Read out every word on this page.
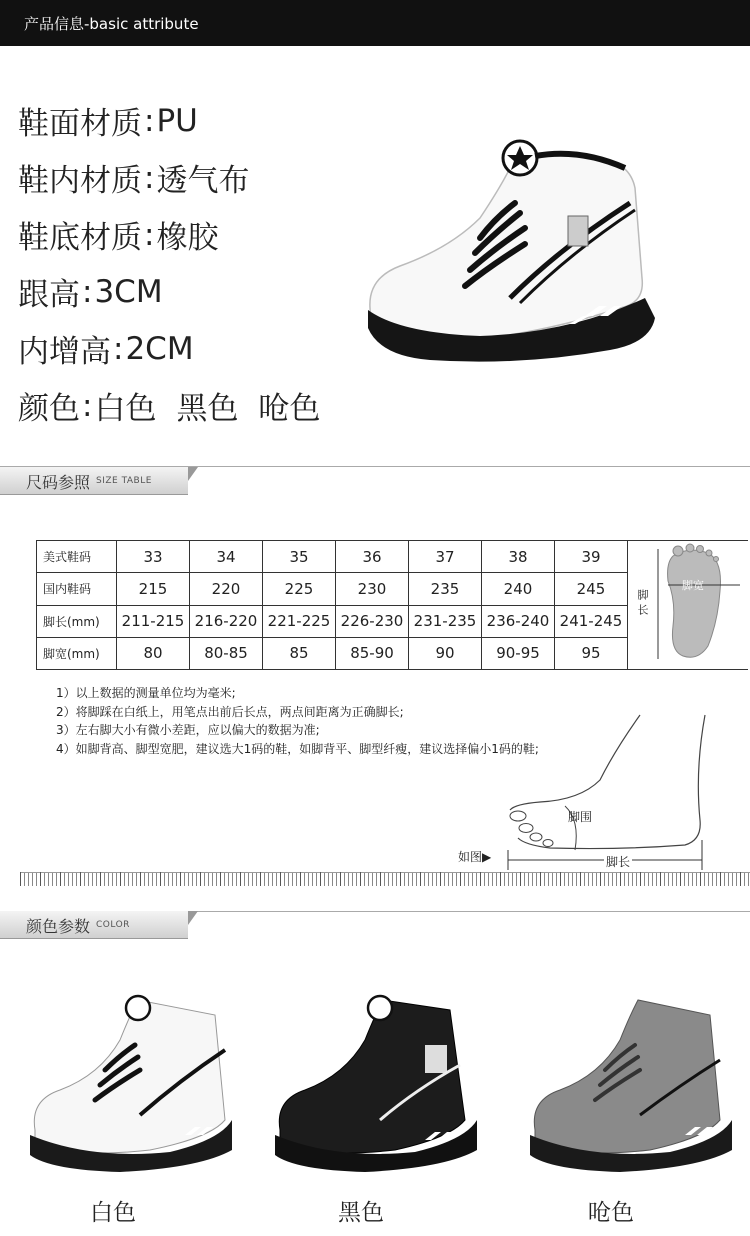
产品信息-basic attribute
鞋面材质 : PU
鞋内材质 : 透气布
鞋底材质 : 橡胶
跟高 : 3CM
内增高 : 2CM
颜色 : 白色 黑色 呛色
尺码参照 SIZE TABLE
美式鞋码	33	34	35	36	37	38	39	脚长
脚宽

国内鞋码	215	220	225	230	235	240	245	
脚长(mm)	211-215	216-220	221-225	226-230	231-235	236-240	241-245	
脚宽(mm)	80	80-85	85	85-90	90	90-95	95	
1）以上数据的测量单位均为毫米;
2）将脚踩在白纸上，用笔点出前后长点，两点间距离为正确脚长;
3）左右脚大小有微小差距，应以偏大的数据为准;
4）如脚背高、脚型宽肥，建议选大1码的鞋，如脚背平、脚型纤瘦，建议选择偏小1码的鞋;
脚围
脚长
如图▶
颜色参数 COLOR
白色	黑色	呛色
